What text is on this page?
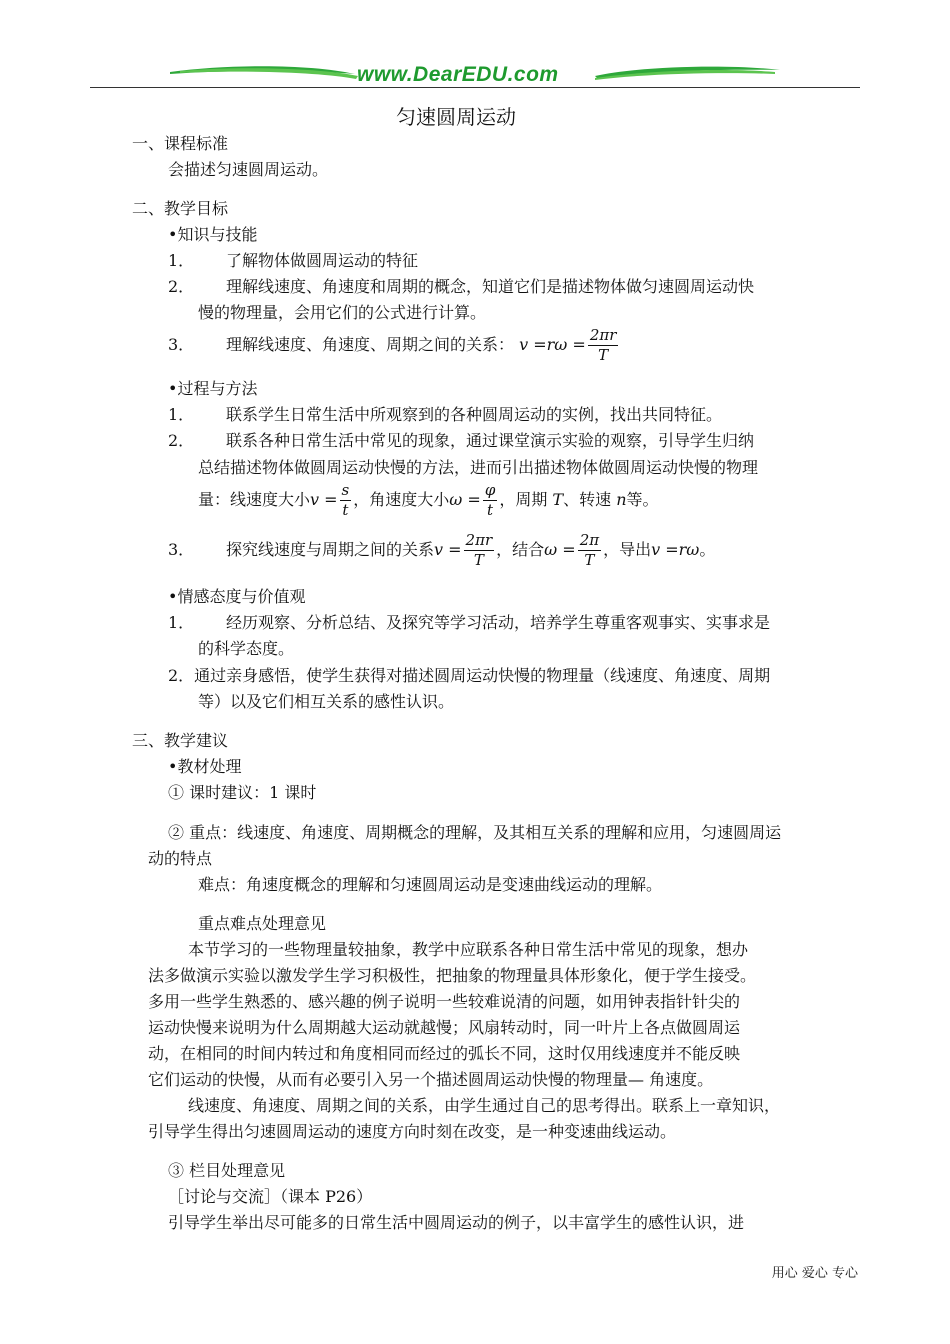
www.DearEDU.com
匀速圆周运动
一、课程标准
会描述匀速圆周运动。
二、教学目标
•知识与技能
1． 了解物体做圆周运动的特征
2． 理解线速度、角速度和周期的概念，知道它们是描述物体做匀速圆周运动快
慢的物理量，会用它们的公式进行计算。
3． 理解线速度、角速度、周期之间的关系： $v =r\omega = \frac{2\pi r}{T}$
•过程与方法
1． 联系学生日常生活中所观察到的各种圆周运动的实例，找出共同特征。
2． 联系各种日常生活中常见的现象，通过课堂演示实验的观察，引导学生归纳
总结描述物体做圆周运动快慢的方法，进而引出描述物体做圆周运动快慢的物理
量：线速度大小$v = \frac{s}{t}$ ，角速度大小$\omega = \frac{\varphi}{t}$ ，周期 T、转速 n等。
3． 探究线速度与周期之间的关系$v = \frac{2\pi r}{T}$ ，结合$\omega = \frac{2\pi}{T}$ ，导出v =rω。
•情感态度与价值观
1． 经历观察、分析总结、及探究等学习活动，培养学生尊重客观事实、实事求是
的科学态度。
2．通过亲身感悟，使学生获得对描述圆周运动快慢的物理量（线速度、角速度、周期
等）以及它们相互关系的感性认识。
三、教学建议
•教材处理
① 课时建议：1 课时
② 重点：线速度、角速度、周期概念的理解，及其相互关系的理解和应用，匀速圆周运
动的特点
难点：角速度概念的理解和匀速圆周运动是变速曲线运动的理解。
重点难点处理意见
本节学习的一些物理量较抽象，教学中应联系各种日常生活中常见的现象，想办
法多做演示实验以激发学生学习积极性，把抽象的物理量具体形象化，便于学生接受。
多用一些学生熟悉的、感兴趣的例子说明一些较难说清的问题，如用钟表指针针尖的
运动快慢来说明为什么周期越大运动就越慢；风扇转动时，同一叶片上各点做圆周运
动，在相同的时间内转过和角度相同而经过的弧长不同，这时仅用线速度并不能反映
它们运动的快慢，从而有必要引入另一个描述圆周运动快慢的物理量— 角速度。
线速度、角速度、周期之间的关系，由学生通过自己的思考得出。联系上一章知识，
引导学生得出匀速圆周运动的速度方向时刻在改变，是一种变速曲线运动。
③ 栏目处理意见
［讨论与交流］（课本 P26）
引导学生举出尽可能多的日常生活中圆周运动的例子，以丰富学生的感性认识，进
用心 爱心 专心
